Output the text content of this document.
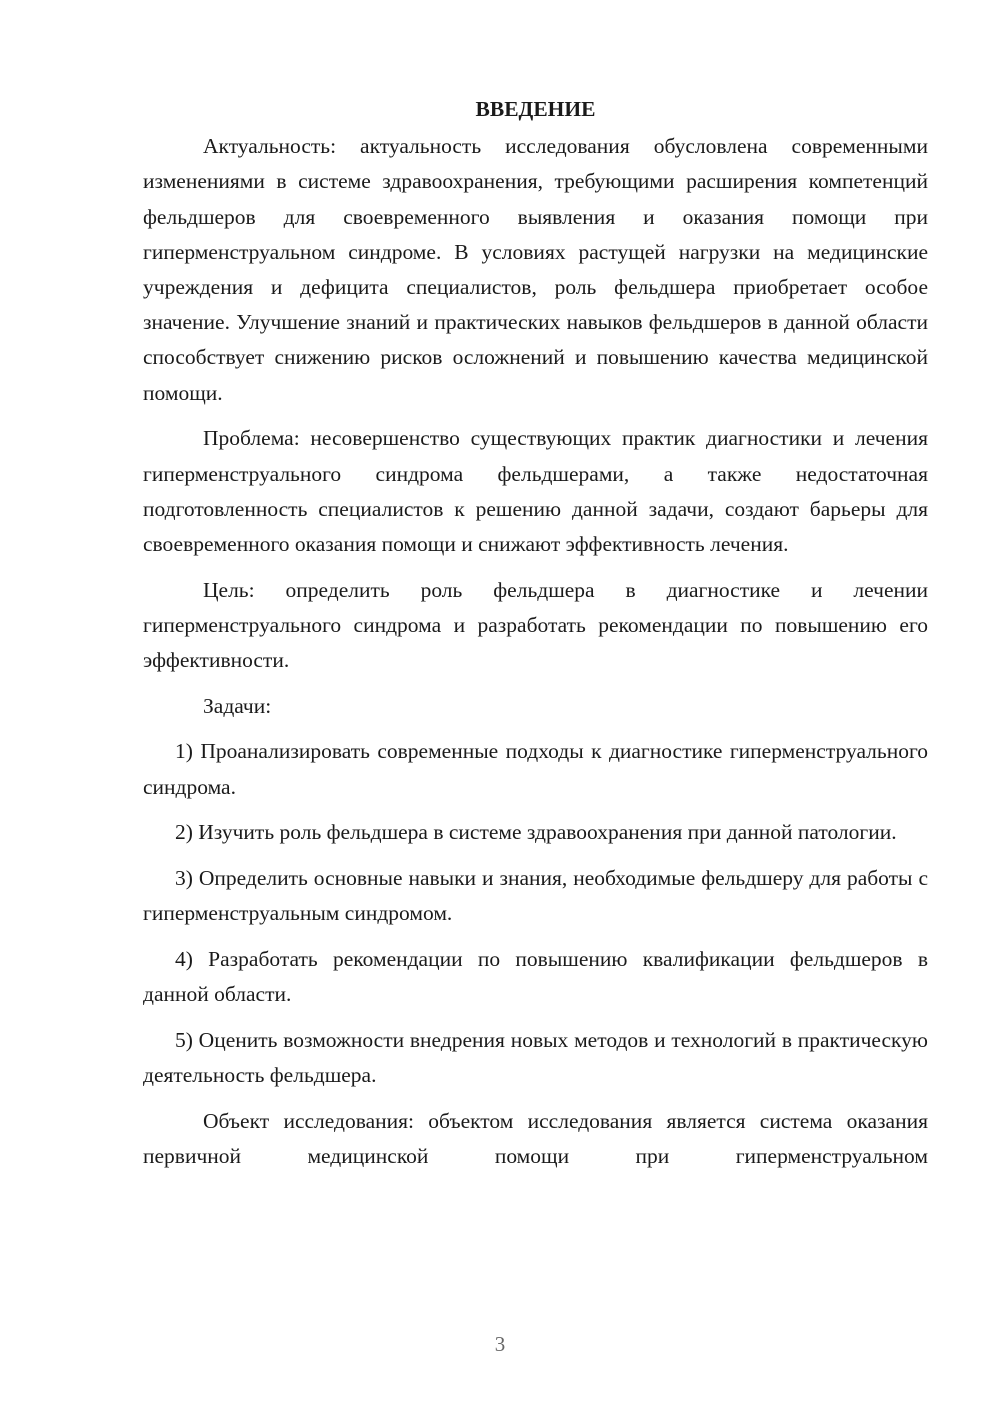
ВВЕДЕНИЕ

Актуальность: актуальность исследования обусловлена современными изменениями в системе здравоохранения, требующими расширения компетенций фельдшеров для своевременного выявления и оказания помощи при гиперменструальном синдроме. В условиях растущей нагрузки на медицинские учреждения и дефицита специалистов, роль фельдшера приобретает особое значение. Улучшение знаний и практических навыков фельдшеров в данной области способствует снижению рисков осложнений и повышению качества медицинской помощи.

Проблема: несовершенство существующих практик диагностики и лечения гиперменструального синдрома фельдшерами, а также недостаточная подготовленность специалистов к решению данной задачи, создают барьеры для своевременного оказания помощи и снижают эффективность лечения.

Цель: определить роль фельдшера в диагностике и лечении гиперменструального синдрома и разработать рекомендации по повышению его эффективности.

Задачи:

1) Проанализировать современные подходы к диагностике гиперменструального синдрома.

2) Изучить роль фельдшера в системе здравоохранения при данной патологии.

3) Определить основные навыки и знания, необходимые фельдшеру для работы с гиперменструальным синдромом.

4) Разработать рекомендации по повышению квалификации фельдшеров в данной области.

5) Оценить возможности внедрения новых методов и технологий в практическую деятельность фельдшера.

Объект исследования: объектом исследования является система оказания первичной медицинской помощи при гиперменструальном

3
